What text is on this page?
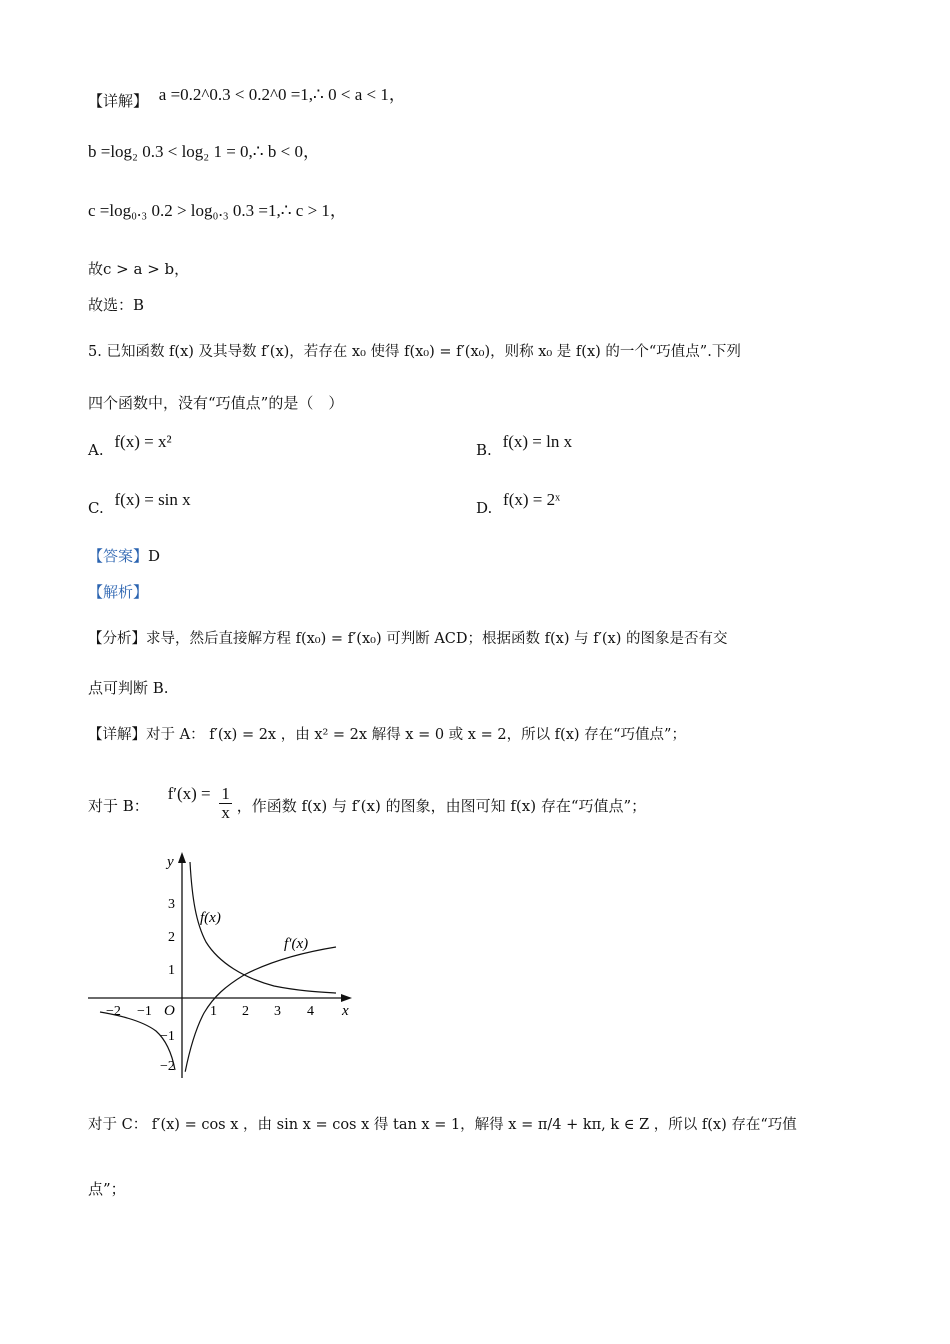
【详解】 a =0.2^0.3 < 0.2^0 =1,∴ 0 < a < 1，
b =log₂ 0.3 < log₂ 1 = 0,∴ b < 0，
c =log₀.₃ 0.2 > log₀.₃ 0.3 =1,∴ c > 1，
故c > a > b，
故选：B
5. 已知函数 f(x) 及其导数 f′(x)，若存在 x₀ 使得 f(x₀) = f′(x₀)，则称 x₀ 是 f(x) 的一个“巧值点”.下列
四个函数中，没有“巧值点”的是（　）
A. f(x) = x²	B. f(x) = ln x
C. f(x) = sin x	D. f(x) = 2ˣ
【答案】D
【解析】
【分析】求导，然后直接解方程 f(x₀) = f′(x₀) 可判断 ACD；根据函数 f(x) 与 f′(x) 的图象是否有交
点可判断 B.
【详解】对于 A： f′(x) = 2x ，由 x² = 2x 解得 x = 0 或 x = 2，所以 f(x) 存在“巧值点”；
对于 B： $f'(x) = \frac{1}{x}$ ，作函数 f(x) 与 f′(x) 的图象，由图可知 f(x) 存在“巧值点”；
y
x
O
−2 −1	1 2 3 4
3
2
1
−1
−2
f(x)
f′(x)
对于 C： f′(x) = cos x ，由 sin x = cos x 得 tan x = 1，解得 x = π/4 + kπ, k ∈ Z ，所以 f(x) 存在“巧值
点”；
